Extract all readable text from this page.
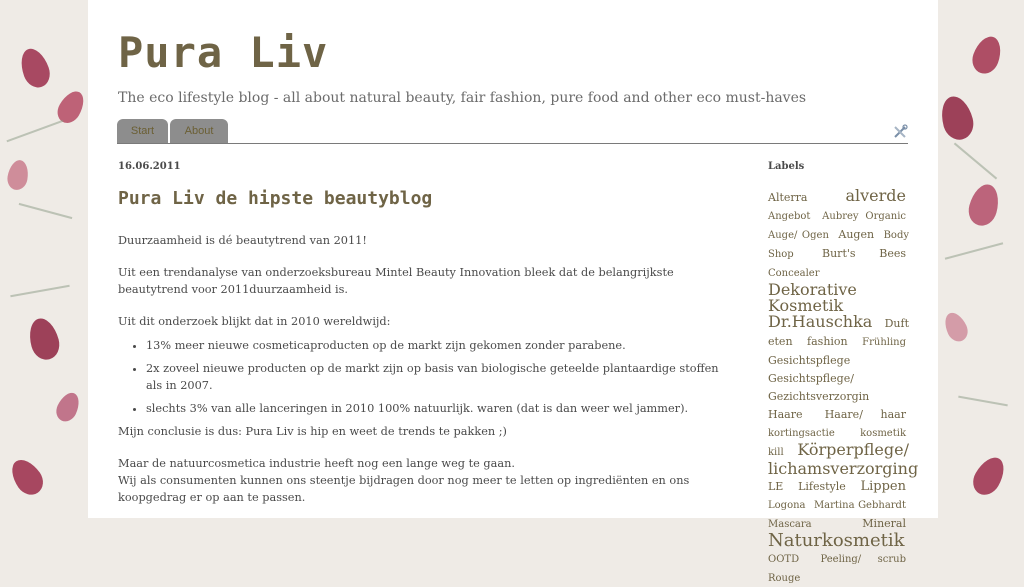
Pura Liv
The eco lifestyle blog - all about natural beauty, fair fashion, pure food and other eco must-haves
Start	About
16.06.2011
Pura Liv de hipste beautyblog

Duurzaamheid is dé beautytrend van 2011!

Uit een trendanalyse van onderzoeksbureau Mintel Beauty Innovation bleek dat de belangrijkste beautytrend voor 2011duurzaamheid is.

Uit dit onderzoek blijkt dat in 2010 wereldwijd:

• 13% meer nieuwe cosmeticaproducten op de markt zijn gekomen zonder parabene.
• 2x zoveel nieuwe producten op de markt zijn op basis van biologische geteelde plantaardige stoffen als in 2007.
• slechts 3% van alle lanceringen in 2010 100% natuurlijk. waren (dat is dan weer wel jammer).

Mijn conclusie is dus: Pura Liv is hip en weet de trends te pakken ;)

Maar de natuurcosmetica industrie heeft nog een lange weg te gaan.
Wij als consumenten kunnen ons steentje bijdragen door nog meer te letten op ingrediënten en ons koopgedrag er op aan te passen.
Labels
Alterra alverde Angebot Aubrey Organic Auge/ Ogen Augen Body Shop	Burt's Bees Concealer Dekorative Kosmetik Dr.Hauschka Duft eten fashion Frühling Gesichtspflege Gesichtspflege/ Gezichtsverzorgin Haare Haare/ haar kortingsactie	kosmetik kill Körperpflege/ lichamsverzorging LE Lifestyle Lippen Logona Martina Gebhardt Mascara	Mineral Naturkosmetik OOTD Peeling/ scrub Rouge
